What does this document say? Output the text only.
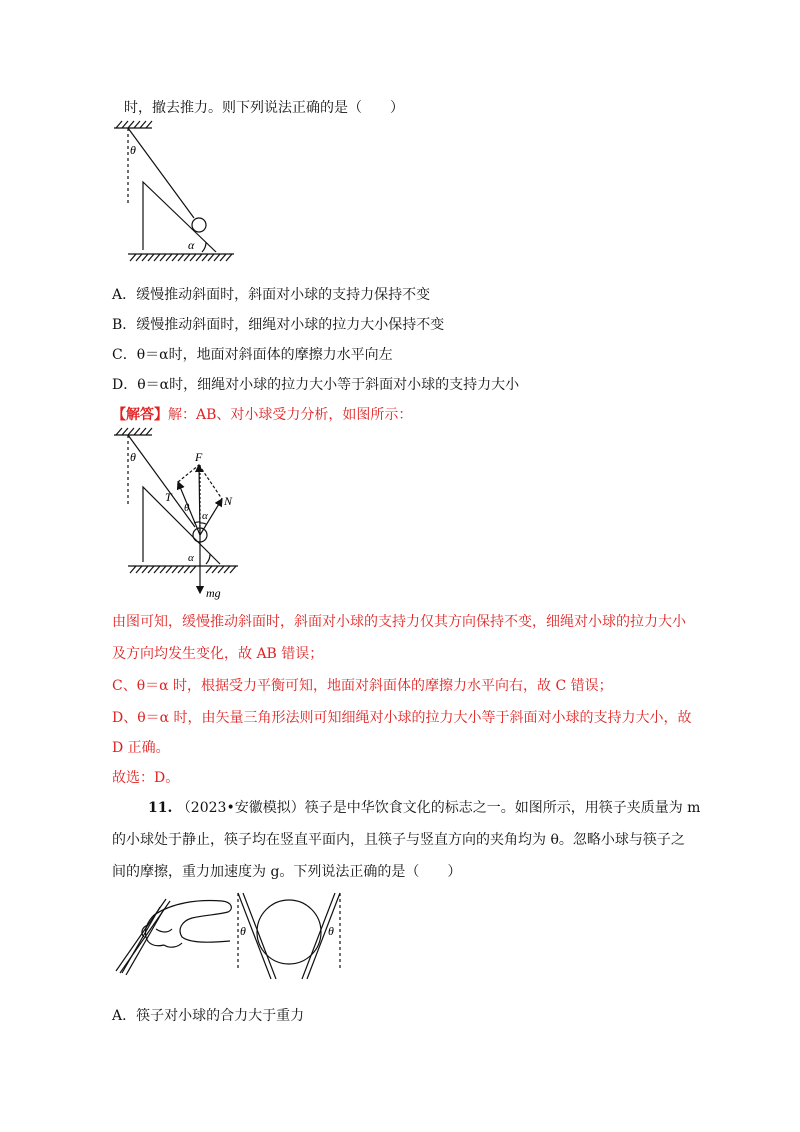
时，撤去推力。则下列说法正确的是（　　）
θ
α
A．缓慢推动斜面时，斜面对小球的支持力保持不变
B．缓慢推动斜面时，细绳对小球的拉力大小保持不变
C．θ＝α时，地面对斜面体的摩擦力水平向左
D．θ＝α时，细绳对小球的拉力大小等于斜面对小球的支持力大小
【解答】解：AB、对小球受力分析，如图所示：
θ	F
T	N
θ
α
α
mg
由图可知，缓慢推动斜面时，斜面对小球的支持力仅其方向保持不变，细绳对小球的拉力大小
及方向均发生变化，故 AB 错误；
C、θ＝α 时，根据受力平衡可知，地面对斜面体的摩擦力水平向右，故 C 错误；
D、θ＝α 时，由矢量三角形法则可知细绳对小球的拉力大小等于斜面对小球的支持力大小，故
D 正确。
故选：D。
11. （2023•安徽模拟）筷子是中华饮食文化的标志之一。如图所示，用筷子夹质量为 m
的小球处于静止，筷子均在竖直平面内，且筷子与竖直方向的夹角均为 θ。忽略小球与筷子之
间的摩擦，重力加速度为 g。下列说法正确的是（　　）
θ	θ
A．筷子对小球的合力大于重力
